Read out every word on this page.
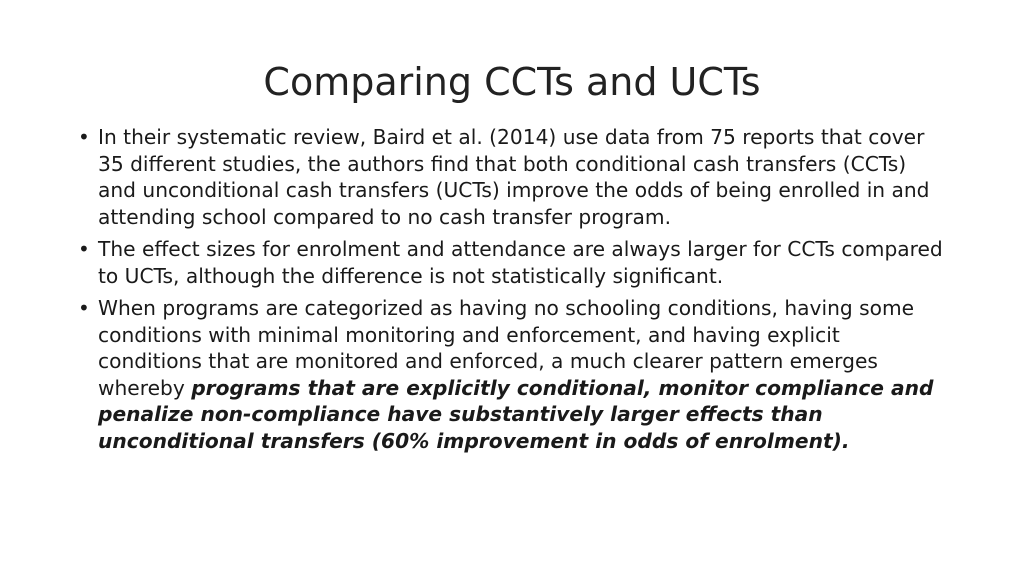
Comparing CCTs and UCTs
• In their systematic review, Baird et al. (2014) use data from 75 reports that cover 35 different studies, the authors find that both conditional cash transfers (CCTs) and unconditional cash transfers (UCTs) improve the odds of being enrolled in and attending school compared to no cash transfer program.
• The effect sizes for enrolment and attendance are always larger for CCTs compared to UCTs, although the difference is not statistically significant.
• When programs are categorized as having no schooling conditions, having some conditions with minimal monitoring and enforcement, and having explicit conditions that are monitored and enforced, a much clearer pattern emerges whereby programs that are explicitly conditional, monitor compliance and penalize non-compliance have substantively larger effects than unconditional transfers (60% improvement in odds of enrolment).
